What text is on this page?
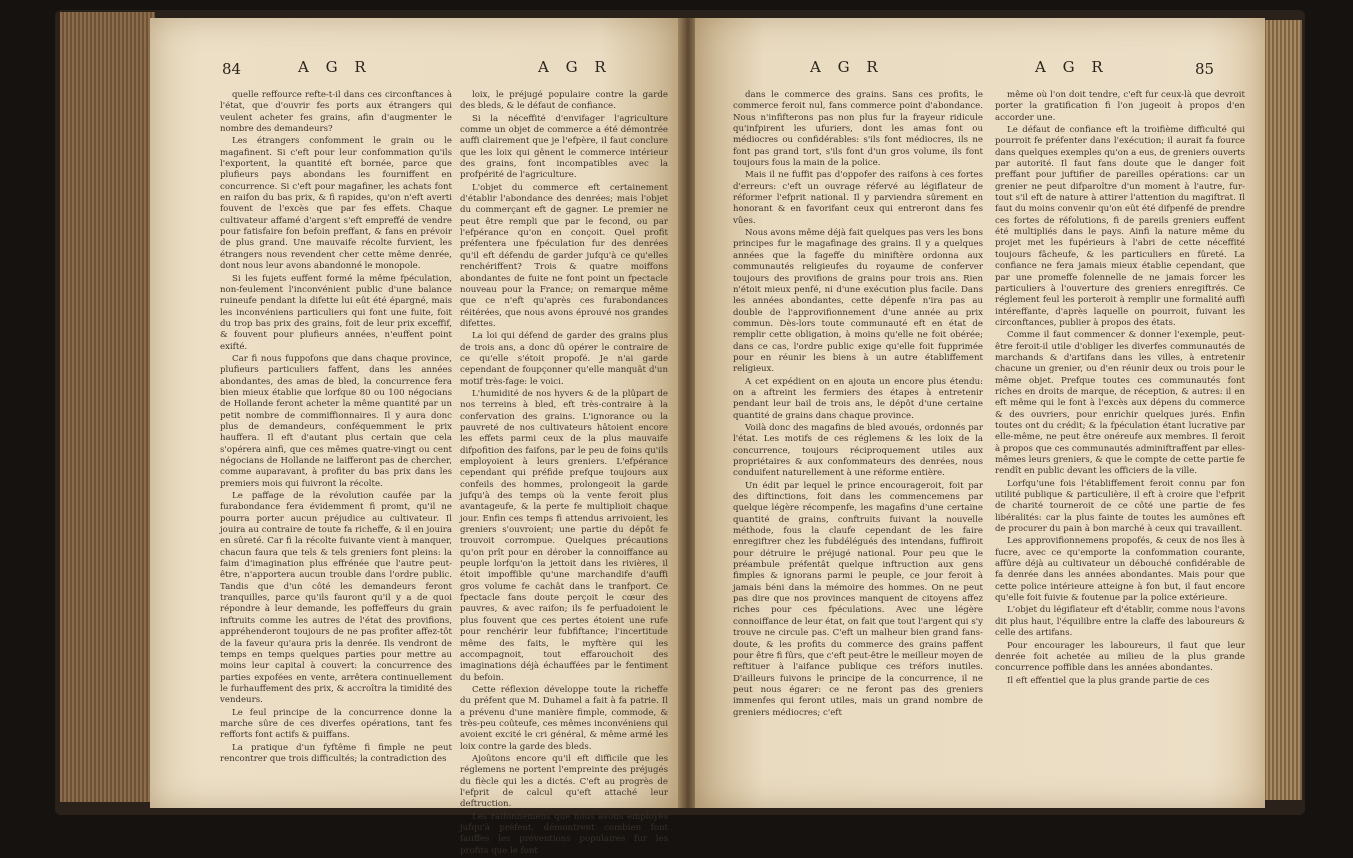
84	A G R	A G R

quelle reffource refte-t-il dans ces circonftances à l'état, que d'ouvrir fes ports aux étrangers qui veulent acheter fes grains, afin d'augmenter le nombre des demandeurs?

Les étrangers confomment le grain ou le magafinent. Si c'eft pour leur confommation qu'ils l'exportent, la quantité eft bornée, parce que plufieurs pays abondans les fourniffent en concurrence. Si c'eft pour magafiner, les achats font en raifon du bas prix, & fi rapides, qu'on n'eft averti fouvent de l'excès que par fes effets. Chaque cultivateur affamé d'argent s'eft empreffé de vendre pour fatisfaire fon befoin preffant, & fans en prévoir de plus grand. Une mauvaife récolte furvient, les étrangers nous revendent cher cette même denrée, dont nous leur avons abandonné le monopole.

Si les fujets euffent formé la même fpéculation, non-feulement l'inconvénient public d'une balance ruineufe pendant la difette lui eût été épargné, mais les inconvéniens particuliers qui font une fuite, foit du trop bas prix des grains, foit de leur prix exceffif, & fouvent pour plufieurs années, n'euffent point exifté.

Car fi nous fuppofons que dans chaque province, plufieurs particuliers faffent, dans les années abondantes, des amas de bled, la concurrence fera bien mieux établie que lorfque 80 ou 100 négocians de Hollande feront acheter la même quantité par un petit nombre de commiffionnaires. Il y aura donc plus de demandeurs, conféquemment le prix hauffera. Il eft d'autant plus certain que cela s'opérera ainfi, que ces mêmes quatre-vingt ou cent négocians de Hollande ne laifferont pas de chercher, comme auparavant, à profiter du bas prix dans les premiers mois qui fuivront la récolte.

Le paffage de la révolution caufée par la furabondance fera évidemment fi promt, qu'il ne pourra porter aucun préjudice au cultivateur. Il jouira au contraire de toute fa richeffe, & il en jouira en sûreté. Car fi la récolte fuivante vient à manquer, chacun faura que tels & tels greniers font pleins: la faim d'imagination plus effrénée que l'autre peut-être, n'apportera aucun trouble dans l'ordre public. Tandis que d'un côté les demandeurs feront tranquilles, parce qu'ils fauront qu'il y a de quoi répondre à leur demande, les poffeffeurs du grain inftruits comme les autres de l'état des provifions, appréhenderont toujours de ne pas profiter affez-tôt de la faveur qu'aura pris la denrée. Ils vendront de temps en temps quelques parties pour mettre au moins leur capital à couvert: la concurrence des parties expofées en vente, arrêtera continuellement le furhauffement des prix, & accroîtra la timidité des vendeurs.

Le feul principe de la concurrence donne la marche sûre de ces diverfes opérations, tant fes refforts font actifs & puiffans.

La pratique d'un fyftême fi fimple ne peut rencontrer que trois difficultés; la contradiction des

loix, le préjugé populaire contre la garde des bleds, & le défaut de confiance.

Si la néceffité d'envifager l'agriculture comme un objet de commerce a été démontrée auffi clairement que je l'efpère, il faut conclure que les loix qui gênent le commerce intérieur des grains, font incompatibles avec la profpérité de l'agriculture.

L'objet du commerce eft certainement d'établir l'abondance des denrées; mais l'objet du commerçant eft de gagner. Le premier ne peut être rempli que par le fecond, ou par l'efpérance qu'on en conçoit. Quel profit préfentera une fpéculation fur des denrées qu'il eft défendu de garder jufqu'à ce qu'elles renchériffent? Trois & quatre moiffons abondantes de fuite ne font point un fpectacle nouveau pour la France; on remarque même que ce n'eft qu'après ces furabondances réitérées, que nous avons éprouvé nos grandes difettes.

La loi qui défend de garder des grains plus de trois ans, a donc dû opérer le contraire de ce qu'elle s'étoit propofé. Je n'ai garde cependant de foupçonner qu'elle manquât d'un motif très-fage: le voici.

L'humidité de nos hyvers & de la plûpart de nos terreins à bled, eft très-contraire à la confervation des grains. L'ignorance ou la pauvreté de nos cultivateurs hâtoient encore les effets parmi ceux de la plus mauvaife difpofition des faifons, par le peu de foins qu'ils employoient à leurs greniers. L'efpérance cependant qui préfide prefque toujours aux confeils des hommes, prolongeoit la garde jufqu'à des temps où la vente feroit plus avantageufe, & la perte fe multiplioit chaque jour. Enfin ces temps fi attendus arrivoient, les greniers s'ouvroient; une partie du dépôt fe trouvoit corrompue. Quelques précautions qu'on prît pour en dérober la connoiffance au peuple lorfqu'on la jettoit dans les rivières, il étoit impoffible qu'une marchandife d'auffi gros volume fe cachât dans le tranfport. Ce fpectacle fans doute perçoit le cœur des pauvres, & avec raifon; ils fe perfuadoient le plus fouvent que ces pertes étoient une rufe pour renchérir leur fubfiftance; l'incertitude même des faits, le myftère qui les accompagnoit, tout effarouchoit des imaginations déjà échauffées par le fentiment du befoin.

Cette réflexion développe toute la richeffe du préfent que M. Duhamel a fait à fa patrie. Il a prévenu d'une manière fimple, commode, & très-peu coûteufe, ces mêmes inconvéniens qui avoient excité le cri général, & même armé les loix contre la garde des bleds.

Ajoûtons encore qu'il eft difficile que les réglemens ne portent l'empreinte des préjugés du fiècle qui les a dictés. C'eft au progrès de l'efprit de calcul qu'eft attaché leur deftruction.

Les raifonnemens que nous avons employés jufqu'à préfent, démontrent combien font fauffes les préventions populaires fur les profits que le font

A G R	A G R	85

dans le commerce des grains. Sans ces profits, le commerce feroit nul, fans commerce point d'abondance. Nous n'infifterons pas non plus fur la frayeur ridicule qu'infpirent les ufuriers, dont les amas font ou médiocres ou confidérables: s'ils font médiocres, ils ne font pas grand tort, s'ils font d'un gros volume, ils font toujours fous la main de la police.

Mais il ne fuffit pas d'oppofer des raifons à ces fortes d'erreurs: c'eft un ouvrage réfervé au légiflateur de réformer l'efprit national. Il y parviendra sûrement en honorant & en favorifant ceux qui entreront dans fes vûes.

Nous avons même déjà fait quelques pas vers les bons principes fur le magafinage des grains. Il y a quelques années que la fageffe du miniftère ordonna aux communautés religieufes du royaume de conferver toujours des provifions de grains pour trois ans. Rien n'étoit mieux penfé, ni d'une exécution plus facile. Dans les années abondantes, cette dépenfe n'ira pas au double de l'approvifionnement d'une année au prix commun. Dès-lors toute communauté eft en état de remplir cette obligation, à moins qu'elle ne foit obérée; dans ce cas, l'ordre public exige qu'elle foit fupprimée pour en réunir les biens à un autre établiffement religieux.

A cet expédient on en ajouta un encore plus étendu: on a aftreint les fermiers des étapes à entretenir pendant leur bail de trois ans, le dépôt d'une certaine quantité de grains dans chaque province.

Voilà donc des magafins de bled avoués, ordonnés par l'état. Les motifs de ces réglemens & les loix de la concurrence, toujours réciproquement utiles aux propriétaires & aux confommateurs des denrées, nous conduifent naturellement à une réforme entière.

Un édit par lequel le prince encourageroit, foit par des diftinctions, foit dans les commencemens par quelque légère récompenfe, les magafins d'une certaine quantité de grains, conftruits fuivant la nouvelle méthode, fous la claufe cependant de les faire enregiftrer chez les fubdélégués des intendans, fuffiroit pour détruire le préjugé national. Pour peu que le préambule préfentât quelque inftruction aux gens fimples & ignorans parmi le peuple, ce jour feroit à jamais béni dans la mémoire des hommes. On ne peut pas dire que nos provinces manquent de citoyens affez riches pour ces fpéculations. Avec une légère connoiffance de leur état, on fait que tout l'argent qui s'y trouve ne circule pas. C'eft un malheur bien grand fans-doute, & les profits du commerce des grains paffent pour être fi fûrs, que c'eft peut-être le meilleur moyen de reftituer à l'aifance publique ces tréfors inutiles. D'ailleurs fuivons le principe de la concurrence, il ne peut nous égarer: ce ne feront pas des greniers immenfes qui feront utiles, mais un grand nombre de greniers médiocres; c'eft

même où l'on doit tendre, c'eft fur ceux-là que devroit porter la gratification fi l'on jugeoit à propos d'en accorder une.

Le défaut de confiance eft la troifième difficulté qui pourroit fe préfenter dans l'exécution; il aurait fa fource dans quelques exemples qu'on a eus, de greniers ouverts par autorité. Il faut fans doute que le danger foit preffant pour juftifier de pareilles opérations: car un grenier ne peut difparoître d'un moment à l'autre, fur-tout s'il eft de nature à attirer l'attention du magiftrat. Il faut du moins convenir qu'on eût été difpenfé de prendre ces fortes de réfolutions, fi de pareils greniers euffent été multipliés dans le pays. Ainfi la nature même du projet met les fupérieurs à l'abri de cette néceffité toujours fâcheufe, & les particuliers en fûreté. La confiance ne fera jamais mieux établie cependant, que par une promeffe folennelle de ne jamais forcer les particuliers à l'ouverture des greniers enregiftrés. Ce réglement feul les porteroit à remplir une formalité auffi intéreffante, d'après laquelle on pourroit, fuivant les circonftances, publier à propos des états.

Comme il faut commencer & donner l'exemple, peut-être feroit-il utile d'obliger les diverfes communautés de marchands & d'artifans dans les villes, à entretenir chacune un grenier, ou d'en réunir deux ou trois pour le même objet. Prefque toutes ces communautés font riches en droits de marque, de réception, & autres: il en eft même qui le font à l'excès aux dépens du commerce & des ouvriers, pour enrichir quelques jurés. Enfin toutes ont du crédit; & la fpéculation étant lucrative par elle-même, ne peut être onéreufe aux membres. Il feroit à propos que ces communautés adminiftraffent par elles-mêmes leurs greniers, & que le compte de cette partie fe rendît en public devant les officiers de la ville.

Lorfqu'une fois l'établiffement feroit connu par fon utilité publique & particulière, il eft à croire que l'efprit de charité tourneroit de ce côté une partie de fes libéralités: car la plus fainte de toutes les aumônes eft de procurer du pain à bon marché à ceux qui travaillent.

Les approvifionnemens propofés, & ceux de nos îles à fucre, avec ce qu'emporte la confommation courante, affûre déjà au cultivateur un débouché confidérable de fa denrée dans les années abondantes. Mais pour que cette police intérieure atteigne à fon but, il faut encore qu'elle foit fuivie & foutenue par la police extérieure.

L'objet du légiflateur eft d'établir, comme nous l'avons dit plus haut, l'équilibre entre la claffe des laboureurs & celle des artifans.

Pour encourager les laboureurs, il faut que leur denrée foit achetée au milieu de la plus grande concurrence poffible dans les années abondantes.

Il eft effentiel que la plus grande partie de ces
